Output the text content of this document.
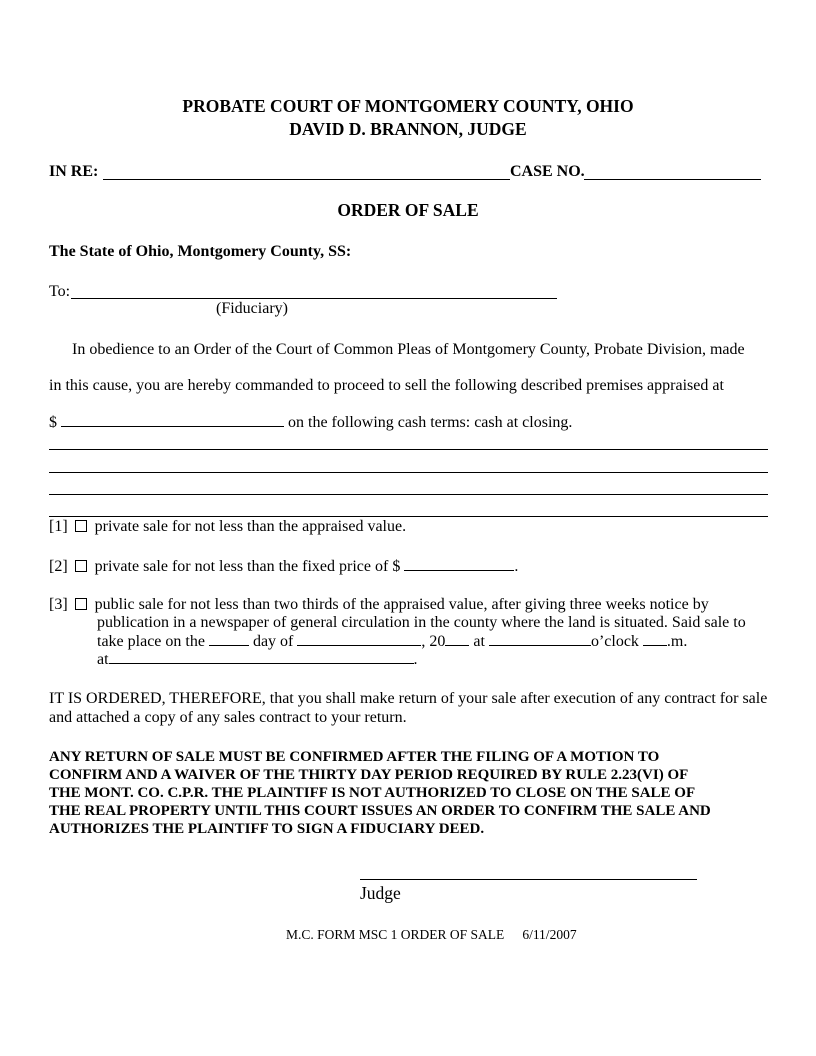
PROBATE COURT OF MONTGOMERY COUNTY, OHIO
DAVID D. BRANNON, JUDGE
IN RE:	CASE NO.
ORDER OF SALE
The State of Ohio, Montgomery County, SS:
To:
(Fiduciary)
In obedience to an Order of the Court of Common Pleas of Montgomery County, Probate Division, made
in this cause, you are hereby commanded to proceed to sell the following described premises appraised at
$	on the following cash terms: cash at closing.
[1] private sale for not less than the appraised value.
[2] private sale for not less than the fixed price of $	.
[3] public sale for not less than two thirds of the appraised value, after giving three weeks notice by
publication in a newspaper of general circulation in the county where the land is situated. Said sale to
take place on the	day of	, 20 at	o’clock .m.
at	.
IT IS ORDERED, THEREFORE, that you shall make return of your sale after execution of any contract for sale
and attached a copy of any sales contract to your return.
ANY RETURN OF SALE MUST BE CONFIRMED AFTER THE FILING OF A MOTION TO
CONFIRM AND A WAIVER OF THE THIRTY DAY PERIOD REQUIRED BY RULE 2.23(VI) OF
THE MONT. CO. C.P.R. THE PLAINTIFF IS NOT AUTHORIZED TO CLOSE ON THE SALE OF
THE REAL PROPERTY UNTIL THIS COURT ISSUES AN ORDER TO CONFIRM THE SALE AND
AUTHORIZES THE PLAINTIFF TO SIGN A FIDUCIARY DEED.
Judge
M.C. FORM MSC 1 ORDER OF SALE 6/11/2007
